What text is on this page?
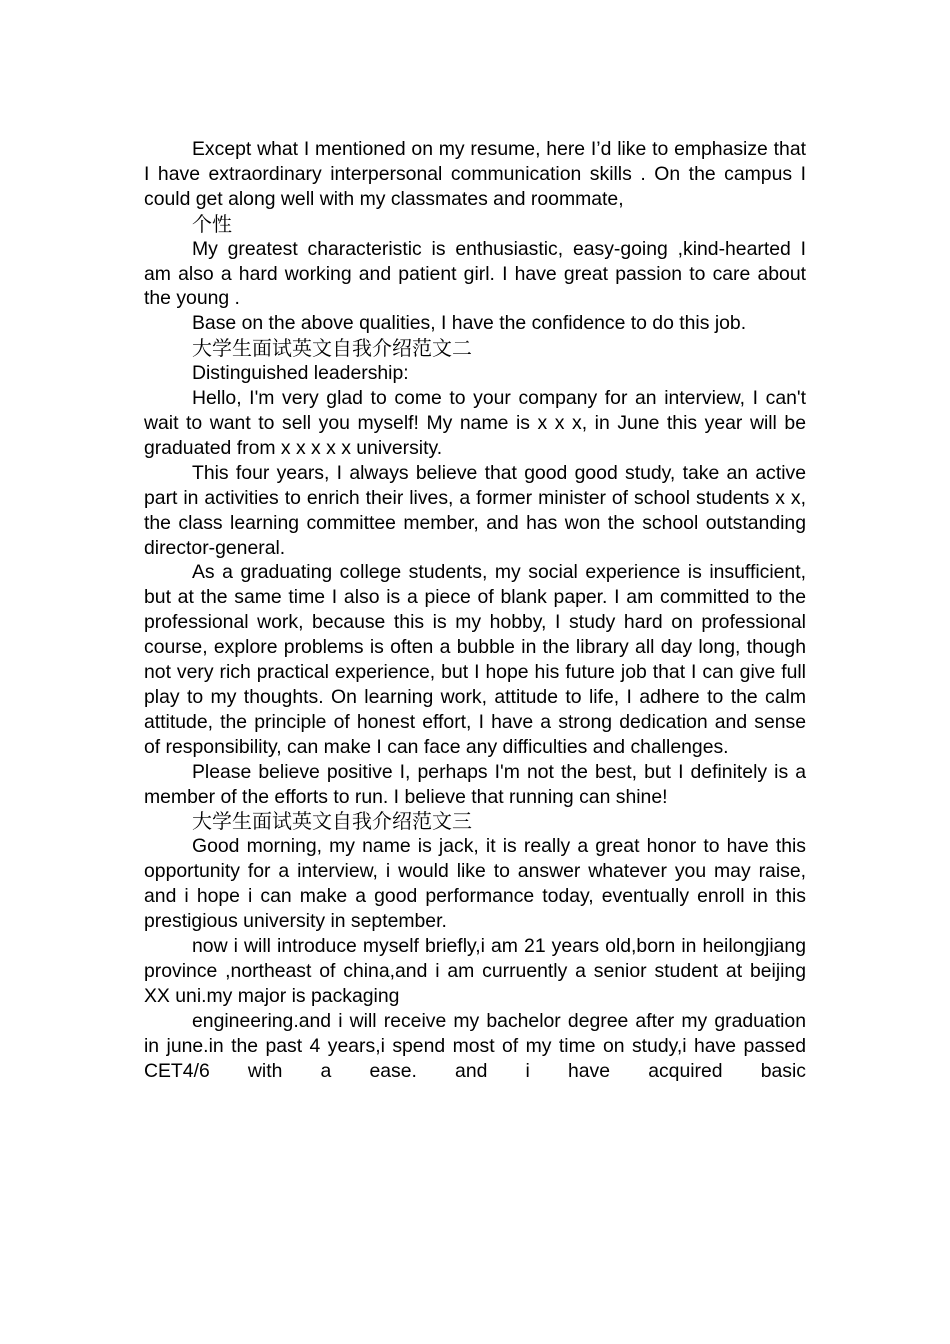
Except what I mentioned on my resume, here I’d like to emphasize that I have extraordinary interpersonal communication skills . On the campus I could get along well with my classmates and roommate,

个性

My greatest characteristic is enthusiastic, easy-going ,kind-hearted I am also a hard working and patient girl. I have great passion to care about the young .

Base on the above qualities, I have the confidence to do this job.

大学生面试英文自我介绍范文二

Distinguished leadership:

Hello, I'm very glad to come to your company for an interview, I can't wait to want to sell you myself! My name is x x x, in June this year will be graduated from x x x x x university.

This four years, I always believe that good good study, take an active part in activities to enrich their lives, a former minister of school students x x, the class learning committee member, and has won the school outstanding director-general.

As a graduating college students, my social experience is insufficient, but at the same time I also is a piece of blank paper. I am committed to the professional work, because this is my hobby, I study hard on professional course, explore problems is often a bubble in the library all day long, though not very rich practical experience, but I hope his future job that I can give full play to my thoughts. On learning work, attitude to life, I adhere to the calm attitude, the principle of honest effort, I have a strong dedication and sense of responsibility, can make I can face any difficulties and challenges.

Please believe positive I, perhaps I'm not the best, but I definitely is a member of the efforts to run. I believe that running can shine!

大学生面试英文自我介绍范文三

Good morning, my name is jack, it is really a great honor to have this opportunity for a interview, i would like to answer whatever you may raise, and i hope i can make a good performance today, eventually enroll in this prestigious university in september.

now i will introduce myself briefly,i am 21 years old,born in heilongjiang province ,northeast of china,and i am curruently a senior student at beijing XX uni.my major is packaging

engineering.and i will receive my bachelor degree after my graduation in june.in the past 4 years,i spend most of my time on study,i have passed CET4/6 with a ease. and i have acquired basic
